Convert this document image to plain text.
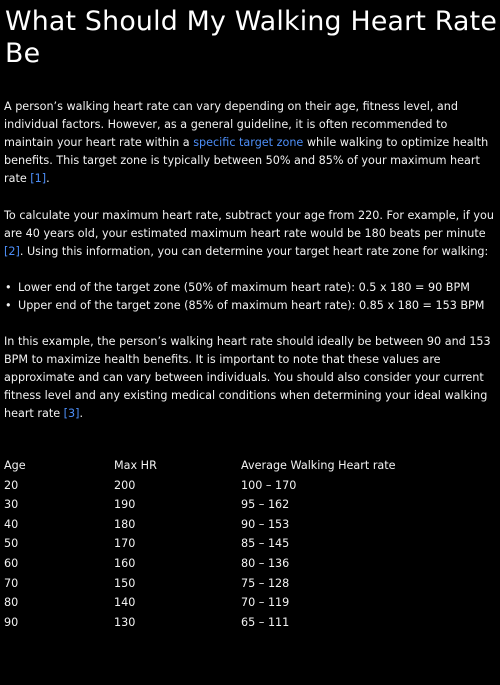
What Should My Walking Heart Rate Be

A person’s walking heart rate can vary depending on their age, fitness level, and individual factors. However, as a general guideline, it is often recommended to maintain your heart rate within a specific target zone while walking to optimize health benefits. This target zone is typically between 50% and 85% of your maximum heart rate [1].

To calculate your maximum heart rate, subtract your age from 220. For example, if you are 40 years old, your estimated maximum heart rate would be 180 beats per minute [2]. Using this information, you can determine your target heart rate zone for walking:

• Lower end of the target zone (50% of maximum heart rate): 0.5 x 180 = 90 BPM
• Upper end of the target zone (85% of maximum heart rate): 0.85 x 180 = 153 BPM

In this example, the person’s walking heart rate should ideally be between 90 and 153 BPM to maximize health benefits. It is important to note that these values are approximate and can vary between individuals. You should also consider your current fitness level and any existing medical conditions when determining your ideal walking heart rate [3].

Age	Max HR	Average Walking Heart rate
20	200	100 – 170
30	190	95 – 162
40	180	90 – 153
50	170	85 – 145
60	160	80 – 136
70	150	75 – 128
80	140	70 – 119
90	130	65 – 111
